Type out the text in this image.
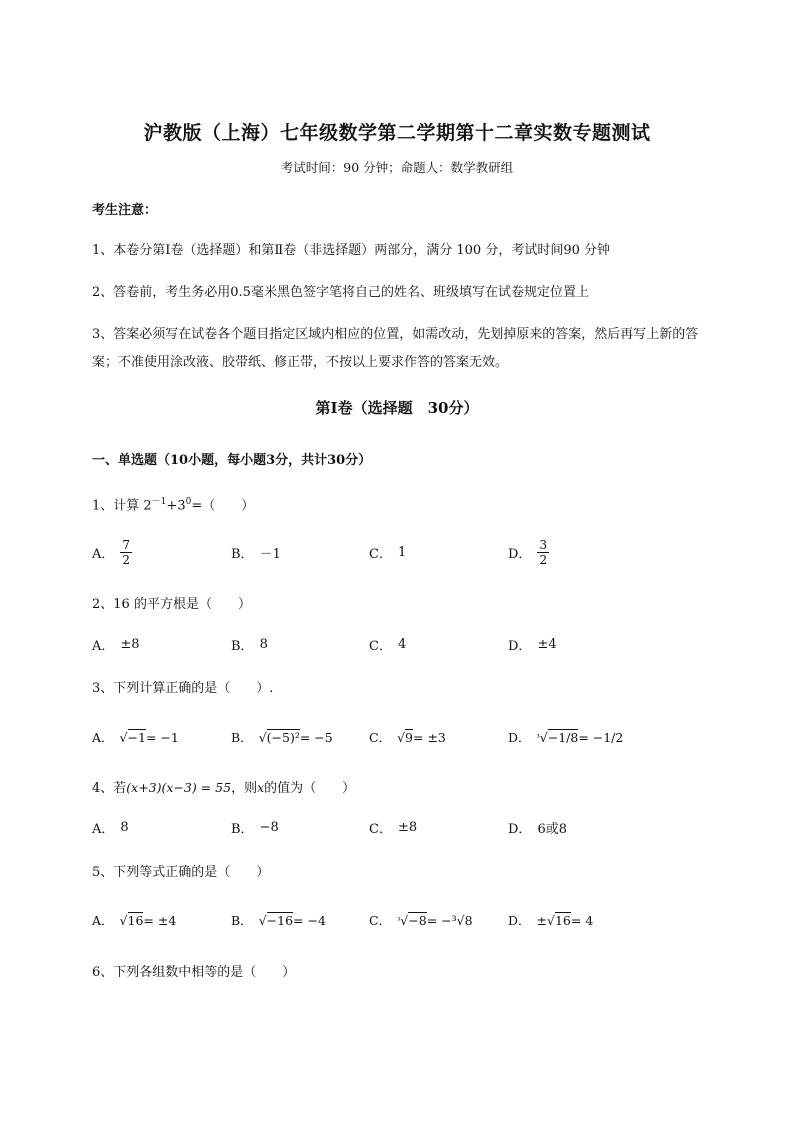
沪教版（上海）七年级数学第二学期第十二章实数专题测试
考试时间：90 分钟；命题人：数学教研组
考生注意：
1、本卷分第Ⅰ卷（选择题）和第Ⅱ卷（非选择题）两部分，满分 100 分，考试时间90 分钟
2、答卷前，考生务必用0.5毫米黑色签字笔将自己的姓名、班级填写在试卷规定位置上
3、答案必须写在试卷各个题目指定区域内相应的位置，如需改动，先划掉原来的答案，然后再写上新的答案；不准使用涂改液、胶带纸、修正带，不按以上要求作答的答案无效。
第Ⅰ卷（选择题　30分）
一、单选题（10小题，每小题3分，共计30分）
1、计算 $2^{-1}+3^0=$（　　）
A． $\frac{7}{2}$	B． －1	C． 1	D． $\frac{3}{2}$
2、16 的平方根是（　　）
A． ±8	B． 8	C． 4	D． ±4
3、下列计算正确的是（　　）.
A． √ −1 = −1	B． √ (−5)² = −5	C． √ 9 = ±3	D． ³ √ −1/8 = −1/2
4、若(x+3)(x−3) = 55，则x的值为（　　）
A． 8	B． −8	C． ±8	D． 6或8
5、下列等式正确的是（　　）
A． √ 16 = ±4	B． √ −16 = −4	C． ³ √ −8 = −³√8	D． ± √ 16 = 4
6、下列各组数中相等的是（　　）
